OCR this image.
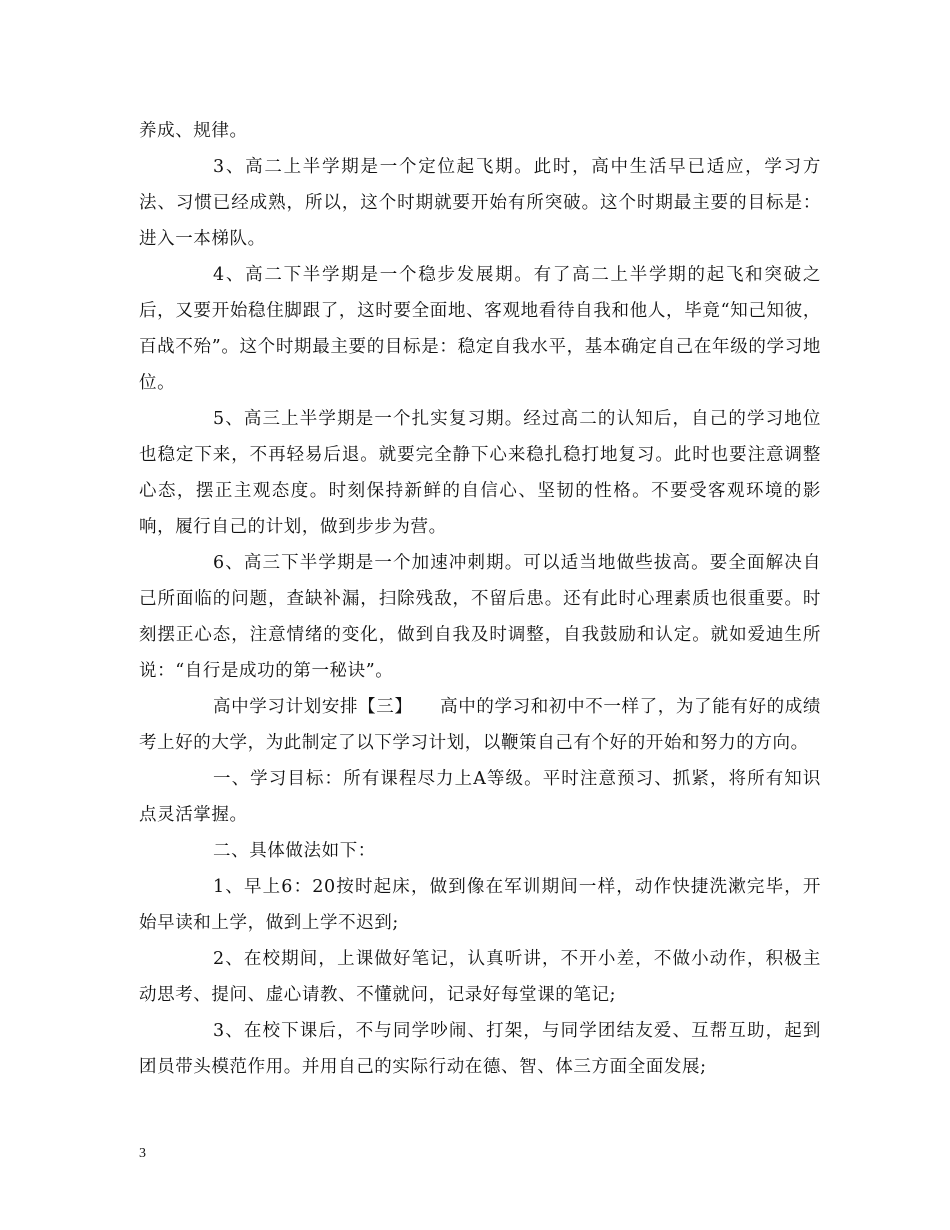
养成、规律。

3、高二上半学期是一个定位起飞期。此时，高中生活早已适应，学习方法、习惯已经成熟，所以，这个时期就要开始有所突破。这个时期最主要的目标是：进入一本梯队。

4、高二下半学期是一个稳步发展期。有了高二上半学期的起飞和突破之后，又要开始稳住脚跟了，这时要全面地、客观地看待自我和他人，毕竟“知己知彼，百战不殆”。这个时期最主要的目标是：稳定自我水平，基本确定自己在年级的学习地位。

5、高三上半学期是一个扎实复习期。经过高二的认知后，自己的学习地位也稳定下来，不再轻易后退。就要完全静下心来稳扎稳打地复习。此时也要注意调整心态，摆正主观态度。时刻保持新鲜的自信心、坚韧的性格。不要受客观环境的影响，履行自己的计划，做到步步为营。

6、高三下半学期是一个加速冲刺期。可以适当地做些拔高。要全面解决自己所面临的问题，查缺补漏，扫除残敌，不留后患。还有此时心理素质也很重要。时刻摆正心态，注意情绪的变化，做到自我及时调整，自我鼓励和认定。就如爱迪生所说：“自行是成功的第一秘诀”。

高中学习计划安排【三】　　高中的学习和初中不一样了，为了能有好的成绩考上好的大学，为此制定了以下学习计划，以鞭策自己有个好的开始和努力的方向。

一、学习目标：所有课程尽力上A等级。平时注意预习、抓紧，将所有知识点灵活掌握。

二、具体做法如下：

1、早上6：20按时起床，做到像在军训期间一样，动作快捷洗漱完毕，开始早读和上学，做到上学不迟到;

2、在校期间，上课做好笔记，认真听讲，不开小差，不做小动作，积极主动思考、提问、虚心请教、不懂就问，记录好每堂课的笔记;

3、在校下课后，不与同学吵闹、打架，与同学团结友爱、互帮互助，起到团员带头模范作用。并用自己的实际行动在德、智、体三方面全面发展;

3
